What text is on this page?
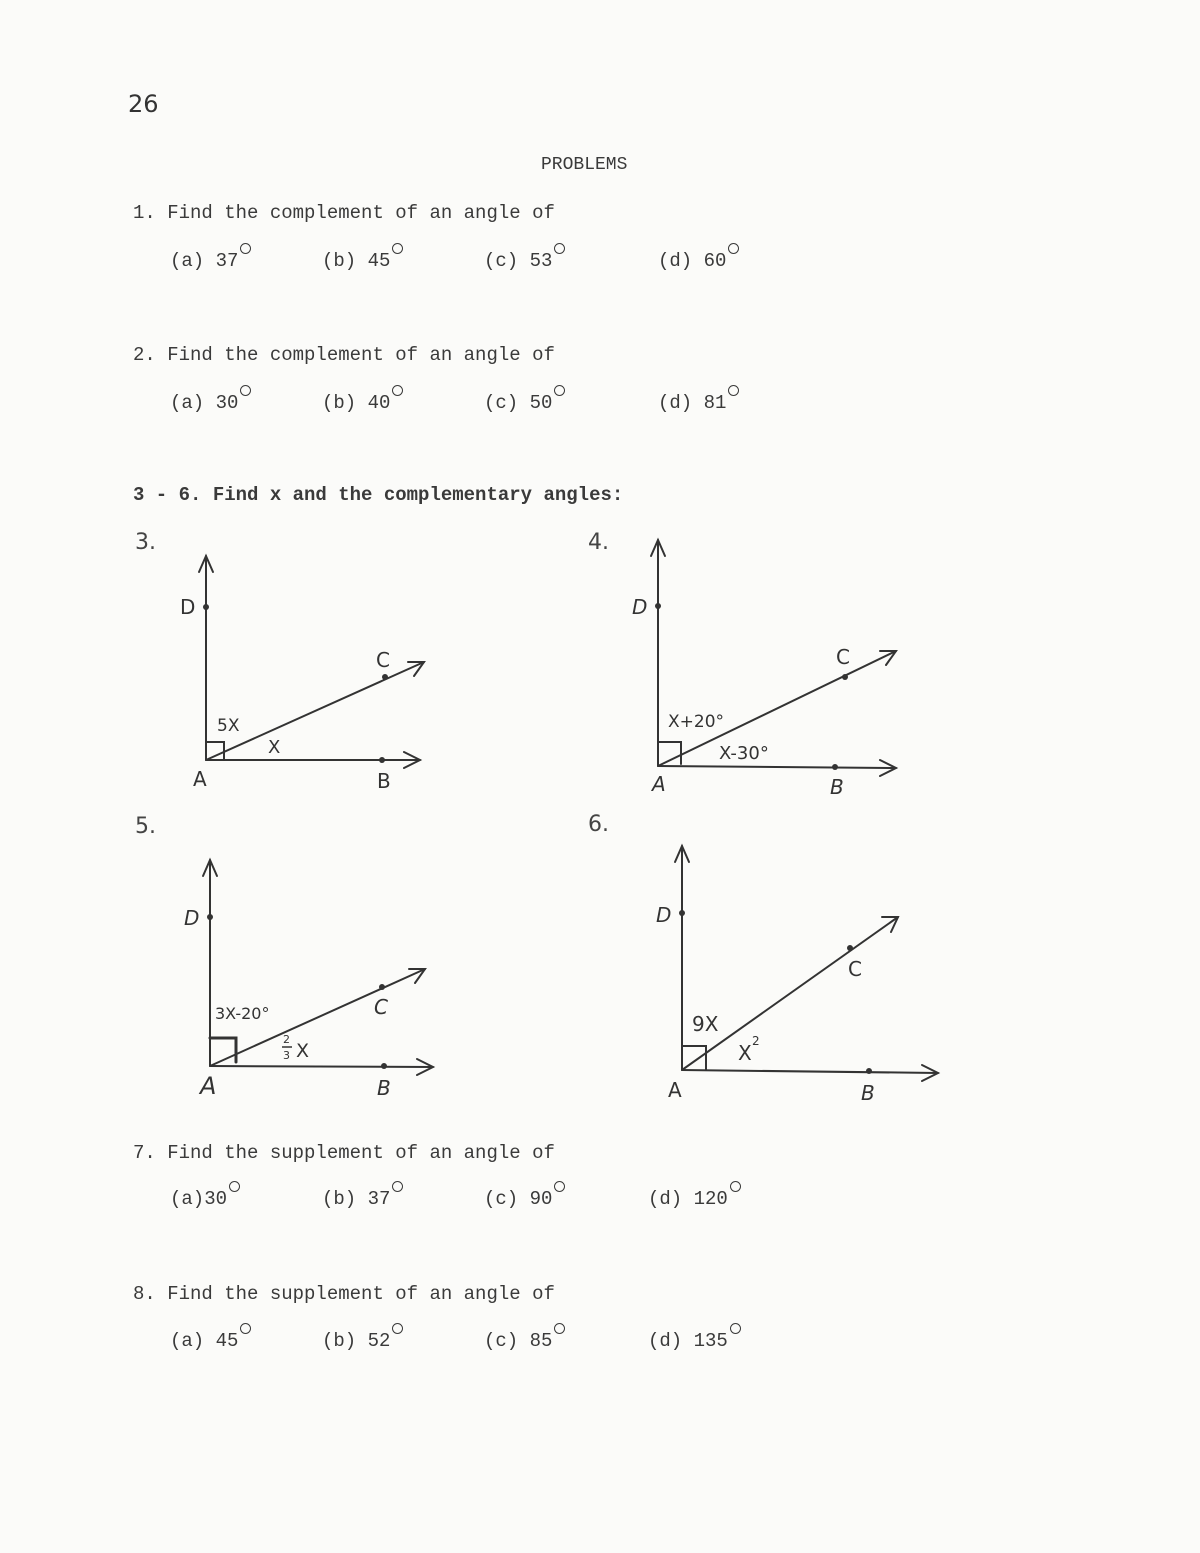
26
PROBLEMS
1. Find the complement of an angle of
(a) 37	(b) 45	(c) 53	(d) 60
2. Find the complement of an angle of
(a) 30	(b) 40	(c) 50	(d) 81
3 - 6. Find x and the complementary angles:
3.
D
C
A	B
5X
X
4.
D
C
A	B
X+20°
X-30°
5.
D
C
A	B
3X-20°
2
3 X
6.
D
C
A	B
9X
X 2
7. Find the supplement of an angle of
(a)30	(b) 37	(c) 90	(d) 120
8. Find the supplement of an angle of
(a) 45	(b) 52	(c) 85	(d) 135
